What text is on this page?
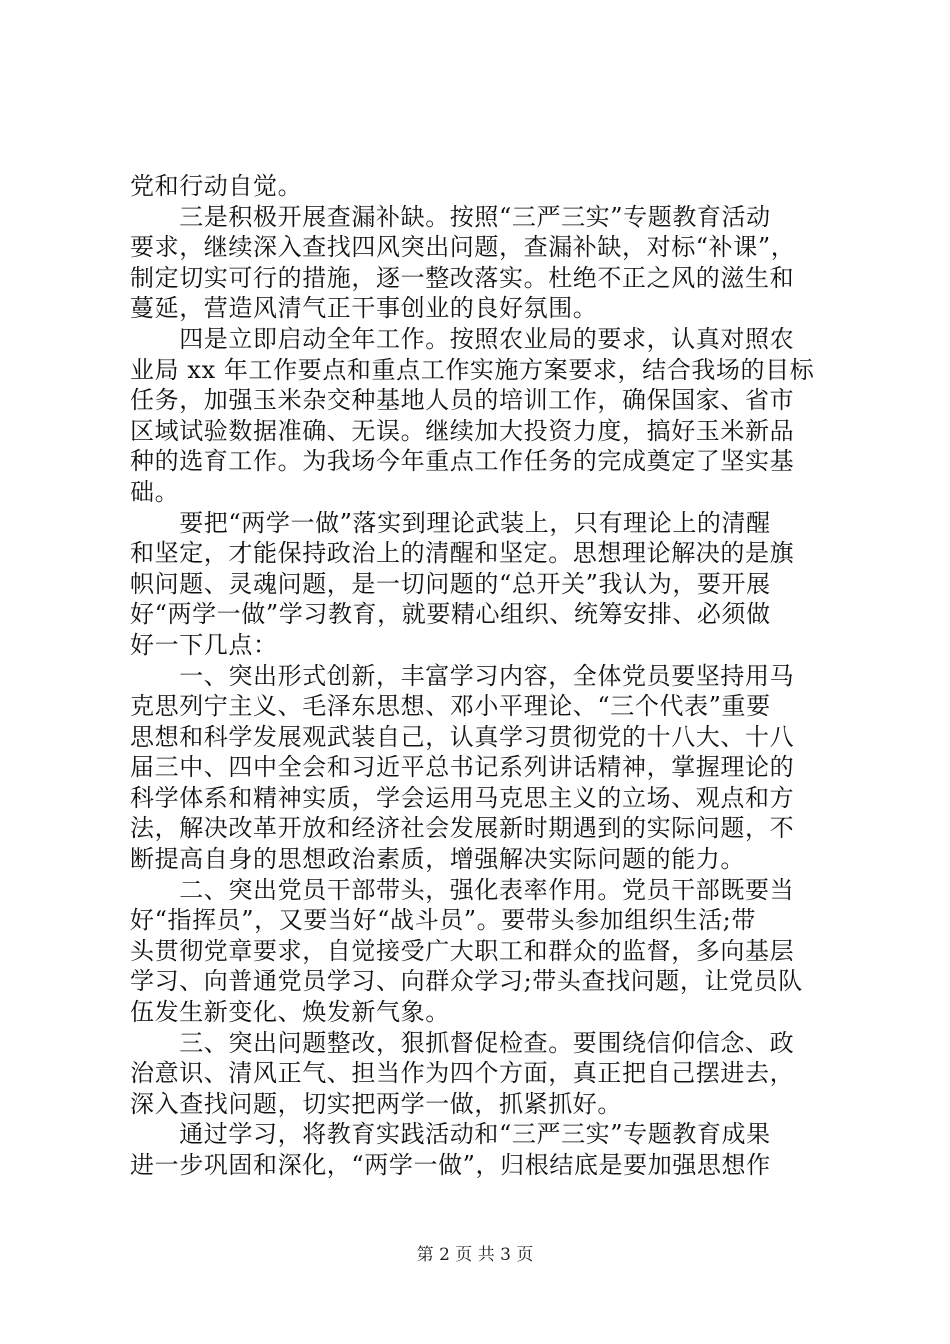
党和行动自觉。
　　三是积极开展查漏补缺。按照“三严三实”专题教育活动
要求，继续深入查找四风突出问题，查漏补缺，对标“补课”，
制定切实可行的措施，逐一整改落实。杜绝不正之风的滋生和
蔓延，营造风清气正干事创业的良好氛围。
　　四是立即启动全年工作。按照农业局的要求，认真对照农
业局 xx 年工作要点和重点工作实施方案要求，结合我场的目标
任务，加强玉米杂交种基地人员的培训工作，确保国家、省市
区域试验数据准确、无误。继续加大投资力度，搞好玉米新品
种的选育工作。为我场今年重点工作任务的完成奠定了坚实基
础。
　　要把“两学一做”落实到理论武装上，只有理论上的清醒
和坚定，才能保持政治上的清醒和坚定。思想理论解决的是旗
帜问题、灵魂问题，是一切问题的“总开关”我认为，要开展
好“两学一做”学习教育，就要精心组织、统筹安排、必须做
好一下几点：
　　一、突出形式创新，丰富学习内容，全体党员要坚持用马
克思列宁主义、毛泽东思想、邓小平理论、“三个代表”重要
思想和科学发展观武装自己，认真学习贯彻党的十八大、十八
届三中、四中全会和习近平总书记系列讲话精神，掌握理论的
科学体系和精神实质，学会运用马克思主义的立场、观点和方
法，解决改革开放和经济社会发展新时期遇到的实际问题，不
断提高自身的思想政治素质，增强解决实际问题的能力。
　　二、突出党员干部带头，强化表率作用。党员干部既要当
好“指挥员”，又要当好“战斗员”。要带头参加组织生活;带
头贯彻党章要求，自觉接受广大职工和群众的监督，多向基层
学习、向普通党员学习、向群众学习;带头查找问题，让党员队
伍发生新变化、焕发新气象。
　　三、突出问题整改，狠抓督促检查。要围绕信仰信念、政
治意识、清风正气、担当作为四个方面，真正把自己摆进去，
深入查找问题，切实把两学一做，抓紧抓好。
　　通过学习，将教育实践活动和“三严三实”专题教育成果
进一步巩固和深化，“两学一做”，归根结底是要加强思想作
第 2 页 共 3 页
